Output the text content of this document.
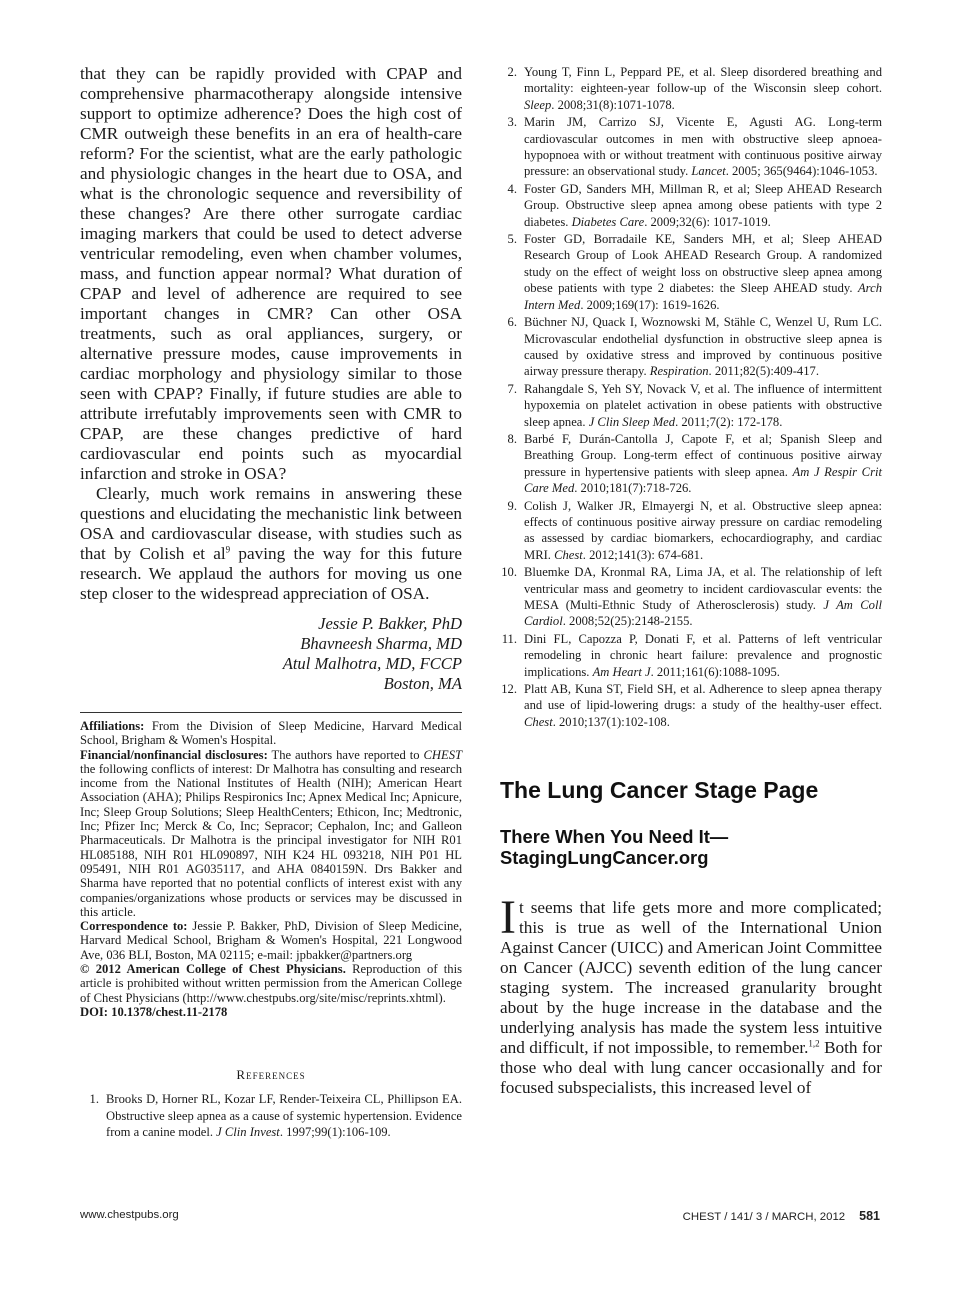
that they can be rapidly provided with CPAP and comprehensive pharmacotherapy alongside intensive support to optimize adherence? Does the high cost of CMR outweigh these benefits in an era of health-care reform? For the scientist, what are the early pathologic and physiologic changes in the heart due to OSA, and what is the chronologic sequence and reversibility of these changes? Are there other surrogate cardiac imaging markers that could be used to detect adverse ventricular remodeling, even when chamber volumes, mass, and function appear normal? What duration of CPAP and level of adherence are required to see important changes in CMR? Can other OSA treatments, such as oral appliances, surgery, or alternative pressure modes, cause improvements in cardiac morphology and physiology similar to those seen with CPAP? Finally, if future studies are able to attribute irrefutably improvements seen with CMR to CPAP, are these changes predictive of hard cardiovascular end points such as myocardial infarction and stroke in OSA?

Clearly, much work remains in answering these questions and elucidating the mechanistic link between OSA and cardiovascular disease, with studies such as that by Colish et $al^9$ paving the way for this future research. We applaud the authors for moving us one step closer to the widespread appreciation of OSA.

Jessie P. Bakker, PhD
Bhavneesh Sharma, MD
Atul Malhotra, MD, FCCP
Boston, MA

Affiliations: From the Division of Sleep Medicine, Harvard Medical School, Brigham & Women's Hospital.

Financial/nonfinancial disclosures: The authors have reported to CHEST the following conflicts of interest: Dr Malhotra has consulting and research income from the National Institutes of Health (NIH); American Heart Association (AHA); Philips Respironics Inc; Apnex Medical Inc; Apnicure, Inc; Sleep Group Solutions; Sleep HealthCenters; Ethicon, Inc; Medtronic, Inc; Pfizer Inc; Merck & Co, Inc; Sepracor; Cephalon, Inc; and Galleon Pharmaceuticals. Dr Malhotra is the principal investigator for NIH R01 HL085188, NIH R01 HL090897, NIH K24 HL 093218, NIH P01 HL 095491, NIH R01 AG035117, and AHA 0840159N. Drs Bakker and Sharma have reported that no potential conflicts of interest exist with any companies/organizations whose products or services may be discussed in this article.

Correspondence to: Jessie P. Bakker, PhD, Division of Sleep Medicine, Harvard Medical School, Brigham & Women's Hospital, 221 Longwood Ave, 036 BLI, Boston, MA 02115; e-mail: jpbakker@partners.org

© 2012 American College of Chest Physicians. Reproduction of this article is prohibited without written permission from the American College of Chest Physicians (http://www.chestpubs.org/site/misc/reprints.xhtml).

DOI: 10.1378/chest.11-2178

References
1. Brooks D, Horner RL, Kozar LF, Render-Teixeira CL, Phillipson EA. Obstructive sleep apnea as a cause of systemic hypertension. Evidence from a canine model. J Clin Invest. 1997;99(1):106-109.
2. Young T, Finn L, Peppard PE, et al. Sleep disordered breathing and mortality: eighteen-year follow-up of the Wisconsin sleep cohort. Sleep. 2008;31(8):1071-1078.
3. Marin JM, Carrizo SJ, Vicente E, Agusti AG. Long-term cardiovascular outcomes in men with obstructive sleep apnoea-hypopnoea with or without treatment with continuous positive airway pressure: an observational study. Lancet. 2005; 365(9464):1046-1053.
4. Foster GD, Sanders MH, Millman R, et al; Sleep AHEAD Research Group. Obstructive sleep apnea among obese patients with type 2 diabetes. Diabetes Care. 2009;32(6): 1017-1019.
5. Foster GD, Borradaile KE, Sanders MH, et al; Sleep AHEAD Research Group of Look AHEAD Research Group. A randomized study on the effect of weight loss on obstructive sleep apnea among obese patients with type 2 diabetes: the Sleep AHEAD study. Arch Intern Med. 2009;169(17): 1619-1626.
6. Büchner NJ, Quack I, Woznowski M, Stähle C, Wenzel U, Rum LC. Microvascular endothelial dysfunction in obstructive sleep apnea is caused by oxidative stress and improved by continuous positive airway pressure therapy. Respiration. 2011;82(5):409-417.
7. Rahangdale S, Yeh SY, Novack V, et al. The influence of intermittent hypoxemia on platelet activation in obese patients with obstructive sleep apnea. J Clin Sleep Med. 2011;7(2): 172-178.
8. Barbé F, Durán-Cantolla J, Capote F, et al; Spanish Sleep and Breathing Group. Long-term effect of continuous positive airway pressure in hypertensive patients with sleep apnea. Am J Respir Crit Care Med. 2010;181(7):718-726.
9. Colish J, Walker JR, Elmayergi N, et al. Obstructive sleep apnea: effects of continuous positive airway pressure on cardiac remodeling as assessed by cardiac biomarkers, echocardiography, and cardiac MRI. Chest. 2012;141(3): 674-681.
10. Bluemke DA, Kronmal RA, Lima JA, et al. The relationship of left ventricular mass and geometry to incident cardiovascular events: the MESA (Multi-Ethnic Study of Atherosclerosis) study. J Am Coll Cardiol. 2008;52(25):2148-2155.
11. Dini FL, Capozza P, Donati F, et al. Patterns of left ventricular remodeling in chronic heart failure: prevalence and prognostic implications. Am Heart J. 2011;161(6):1088-1095.
12. Platt AB, Kuna ST, Field SH, et al. Adherence to sleep apnea therapy and use of lipid-lowering drugs: a study of the healthy-user effect. Chest. 2010;137(1):102-108.
The Lung Cancer Stage Page
There When You Need It—StagingLungCancer.org

It seems that life gets more and more complicated; this is true as well of the International Union Against Cancer (UICC) and American Joint Committee on Cancer (AJCC) seventh edition of the lung cancer staging system. The increased granularity brought about by the huge increase in the database and the underlying analysis has made the system less intuitive and difficult, if not impossible, to remember.$^{1,2}$ Both for those who deal with lung cancer occasionally and for focused subspecialists, this increased level of

www.chestpubs.org	CHEST / 141/ 3 / MARCH, 2012 581
